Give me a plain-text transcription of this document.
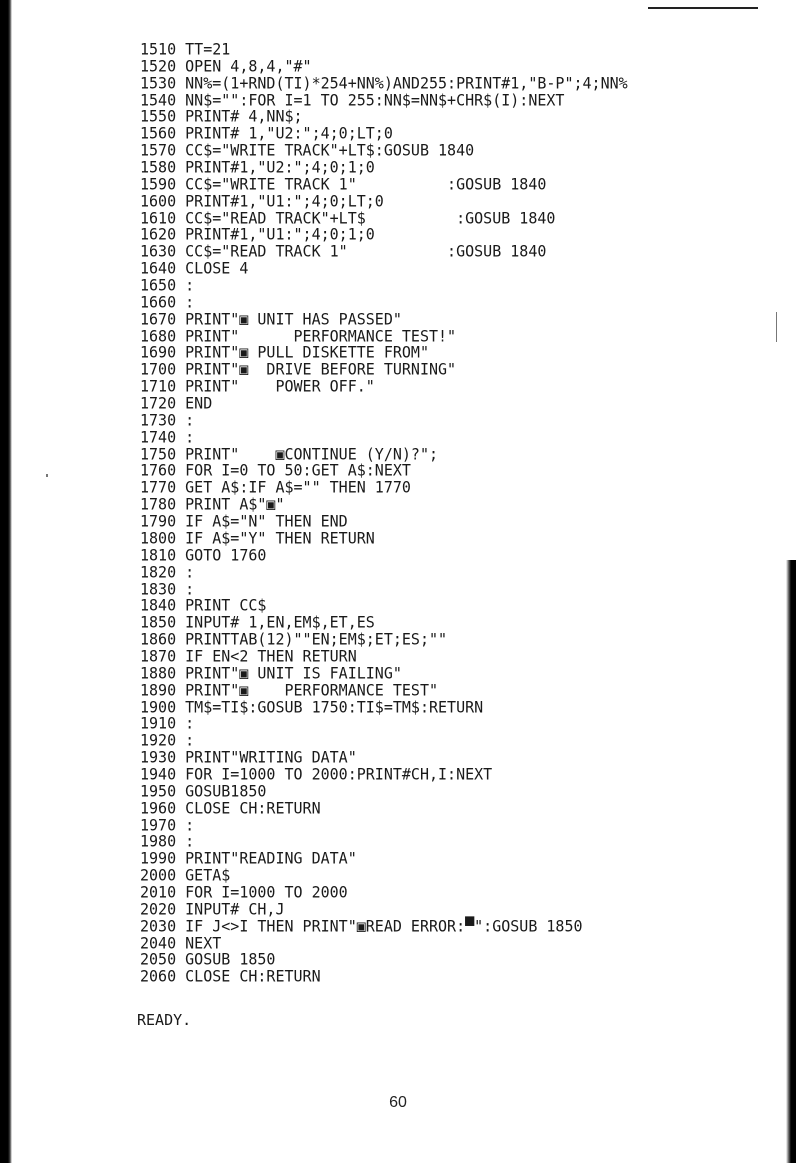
1510 TT=21
1520 OPEN 4,8,4,"#"
1530 NN%=(1+RND(TI)*254+NN%)AND255:PRINT#1,"B-P";4;NN%
1540 NN$="":FOR I=1 TO 255:NN$=NN$+CHR$(I):NEXT
1550 PRINT# 4,NN$;
1560 PRINT# 1,"U2:";4;0;LT;0
1570 CC$="WRITE TRACK"+LT$:GOSUB 1840
1580 PRINT#1,"U2:";4;0;1;0
1590 CC$="WRITE TRACK 1"          :GOSUB 1840
1600 PRINT#1,"U1:";4;0;LT;0
1610 CC$="READ TRACK"+LT$          :GOSUB 1840
1620 PRINT#1,"U1:";4;0;1;0
1630 CC$="READ TRACK 1"           :GOSUB 1840
1640 CLOSE 4
1650 :
1660 :
1670 PRINT"▣ UNIT HAS PASSED"
1680 PRINT"      PERFORMANCE TEST!"
1690 PRINT"▣ PULL DISKETTE FROM"
1700 PRINT"▣  DRIVE BEFORE TURNING"
1710 PRINT"    POWER OFF."
1720 END
1730 :
1740 :
1750 PRINT"    ▣CONTINUE (Y/N)?";
1760 FOR I=0 TO 50:GET A$:NEXT
1770 GET A$:IF A$="" THEN 1770
1780 PRINT A$"▣"
1790 IF A$="N" THEN END
1800 IF A$="Y" THEN RETURN
1810 GOTO 1760
1820 :
1830 :
1840 PRINT CC$
1850 INPUT# 1,EN,EM$,ET,ES
1860 PRINTTAB(12)""EN;EM$;ET;ES;""
1870 IF EN<2 THEN RETURN
1880 PRINT"▣ UNIT IS FAILING"
1890 PRINT"▣    PERFORMANCE TEST"
1900 TM$=TI$:GOSUB 1750:TI$=TM$:RETURN
1910 :
1920 :
1930 PRINT"WRITING DATA"
1940 FOR I=1000 TO 2000:PRINT#CH,I:NEXT
1950 GOSUB1850
1960 CLOSE CH:RETURN
1970 :
1980 :
1990 PRINT"READING DATA"
2000 GETA$
2010 FOR I=1000 TO 2000
2020 INPUT# CH,J
2030 IF J<>I THEN PRINT"▣READ ERROR:▀":GOSUB 1850
2040 NEXT
2050 GOSUB 1850
2060 CLOSE CH:RETURN
READY.
60
